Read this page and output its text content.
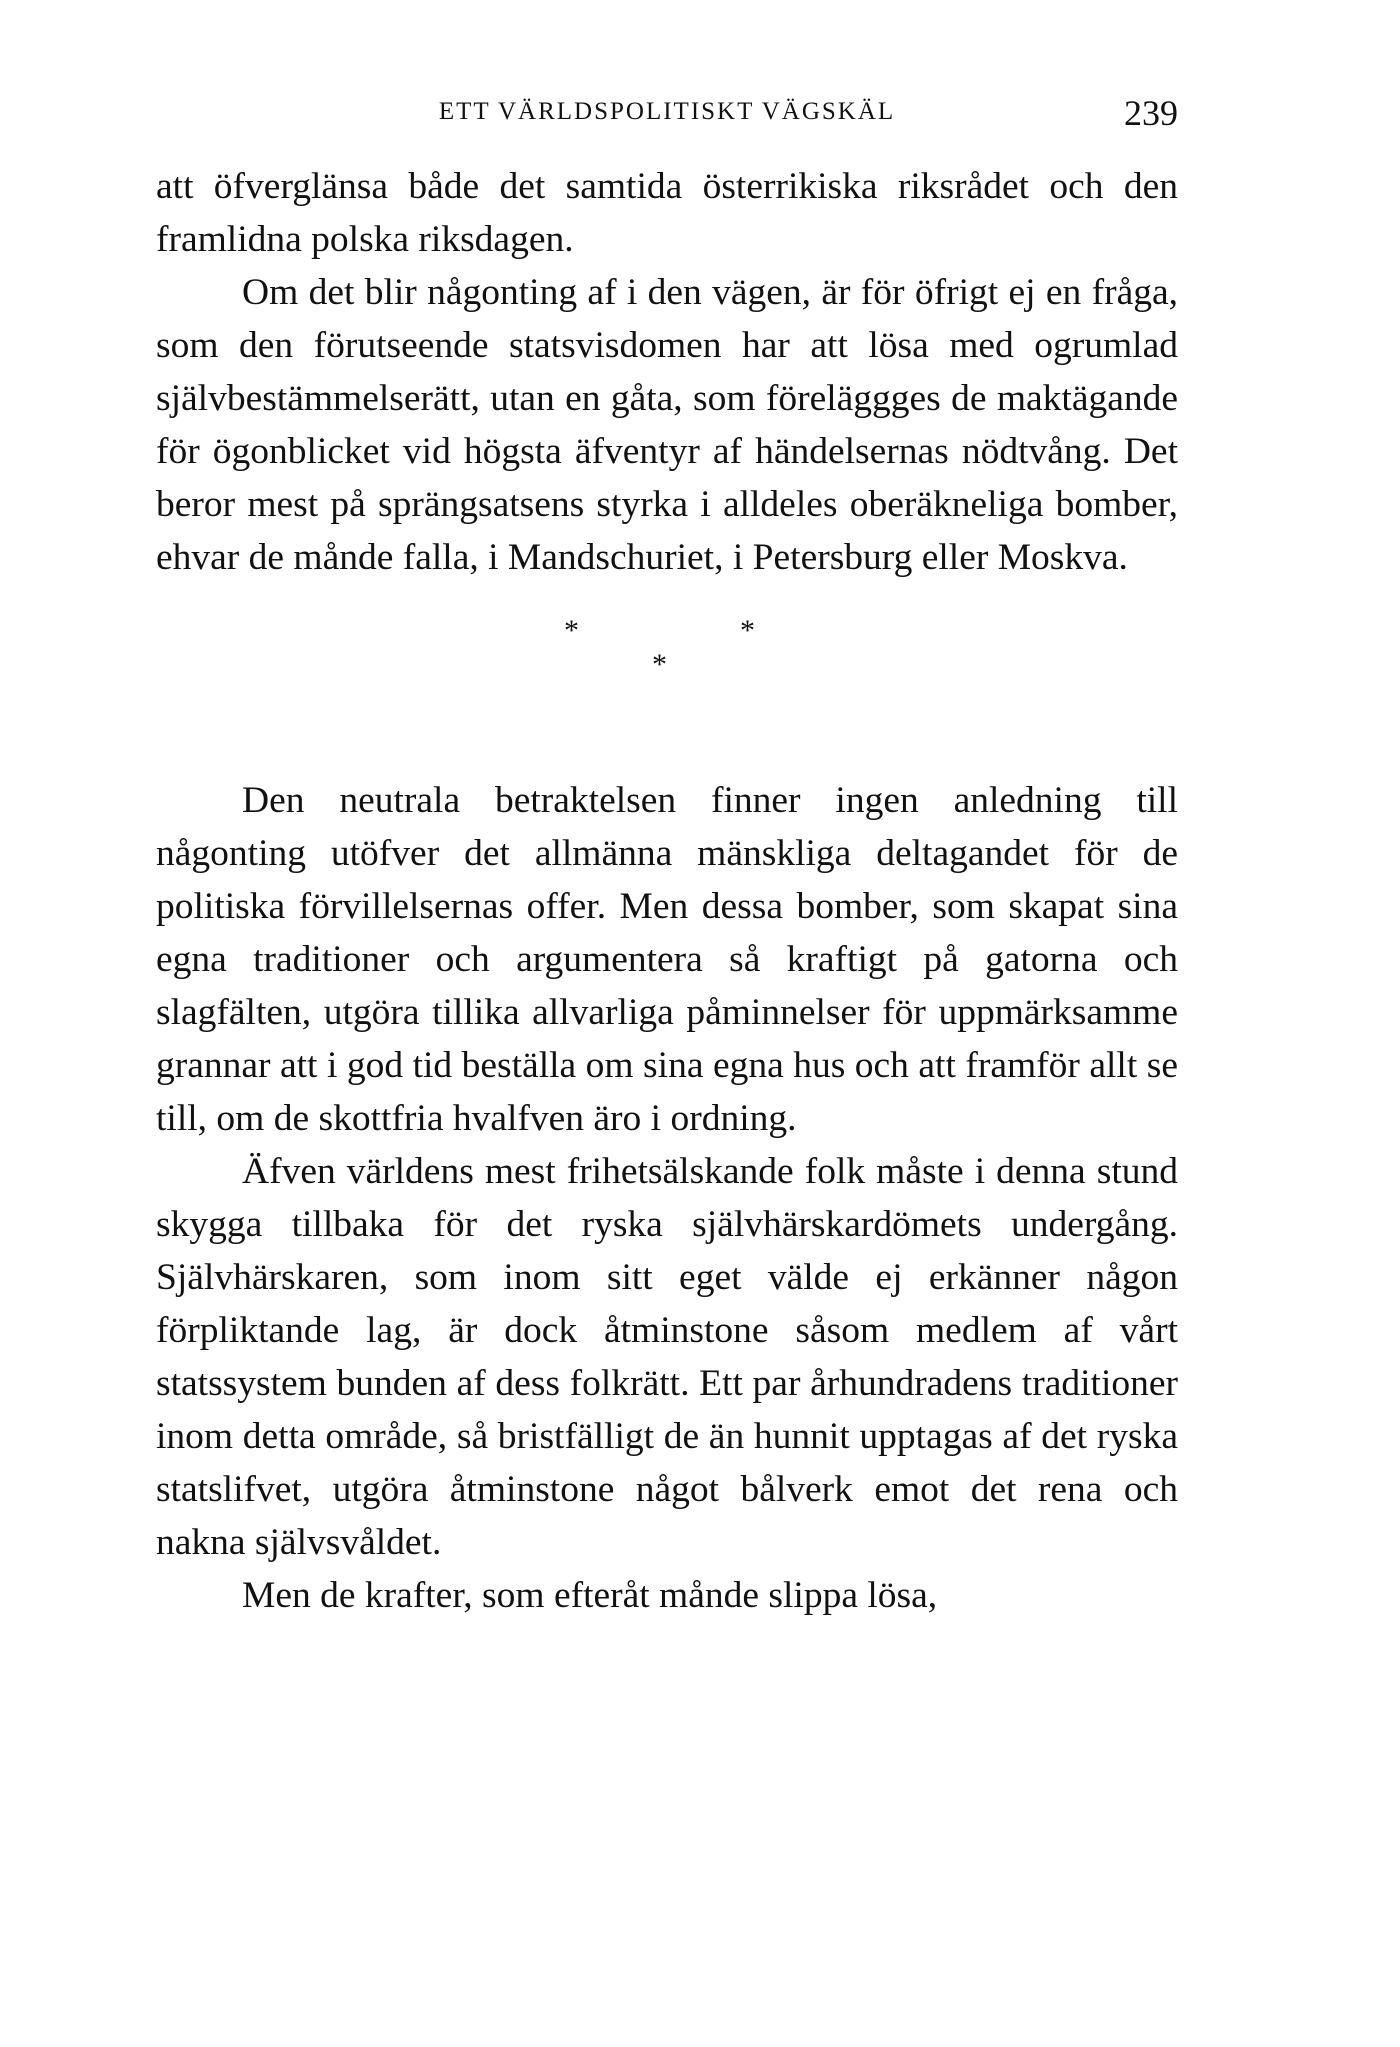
ETT VÄRLDSPOLITISKT VÄGSKÄL	239

att öfverglänsa både det samtida österrikiska riksrådet och den framlidna polska riksdagen.

Om det blir någonting af i den vägen, är för öfrigt ej en fråga, som den förutseende statsvisdomen har att lösa med ogrumlad självbestämmelserätt, utan en gåta, som föreläggges de maktägande för ögonblicket vid högsta äfventyr af händelsernas nödtvång. Det beror mest på sprängsatsens styrka i alldeles oberäkneliga bomber, ehvar de månde falla, i Mandschuriet, i Petersburg eller Moskva.

*	*
*

Den neutrala betraktelsen finner ingen anledning till någonting utöfver det allmänna mänskliga deltagandet för de politiska förvillelsernas offer. Men dessa bomber, som skapat sina egna traditioner och argumentera så kraftigt på gatorna och slagfälten, utgöra tillika allvarliga påminnelser för uppmärksamme grannar att i god tid beställa om sina egna hus och att framför allt se till, om de skottfria hvalfven äro i ordning.

Äfven världens mest frihetsälskande folk måste i denna stund skygga tillbaka för det ryska självhärskardömets undergång. Självhärskaren, som inom sitt eget välde ej erkänner någon förpliktande lag, är dock åtminstone såsom medlem af vårt statssystem bunden af dess folkrätt. Ett par århundradens traditioner inom detta område, så bristfälligt de än hunnit upptagas af det ryska statslifvet, utgöra åtminstone något bålverk emot det rena och nakna självsvåldet.

Men de krafter, som efteråt månde slippa lösa,
